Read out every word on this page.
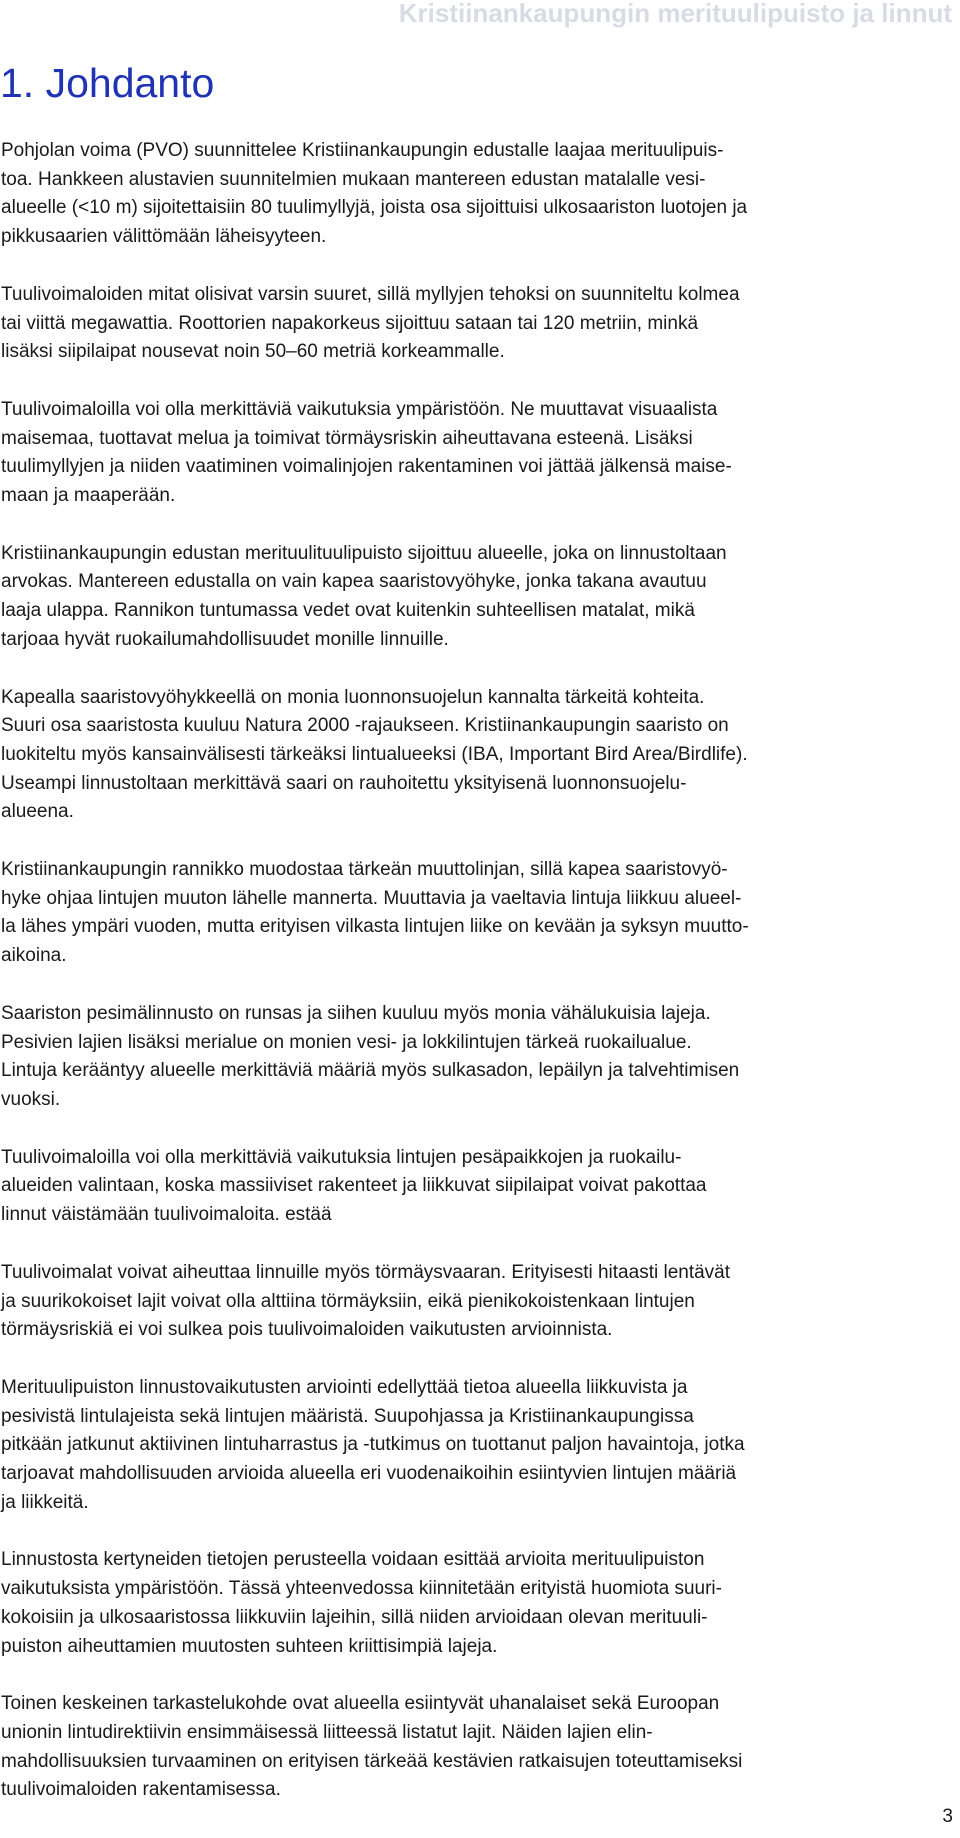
Kristiinankaupungin merituulipuisto ja linnut
1. Johdanto

Pohjolan voima (PVO) suunnittelee Kristiinankaupungin edustalle laajaa merituulipuis-
toa. Hankkeen alustavien suunnitelmien mukaan mantereen edustan matalalle vesi-
alueelle (<10 m) sijoitettaisiin 80 tuulimyllyjä, joista osa sijoittuisi ulkosaariston luotojen ja
pikkusaarien välittömään läheisyyteen.

Tuulivoimaloiden mitat olisivat varsin suuret, sillä myllyjen tehoksi on suunniteltu kolmea
tai viittä megawattia. Roottorien napakorkeus sijoittuu sataan tai 120 metriin, minkä
lisäksi siipilaipat nousevat noin 50–60 metriä korkeammalle.

Tuulivoimaloilla voi olla merkittäviä vaikutuksia ympäristöön. Ne muuttavat visuaalista
maisemaa, tuottavat melua ja toimivat törmäysriskin aiheuttavana esteenä. Lisäksi
tuulimyllyjen ja niiden vaatiminen voimalinjojen rakentaminen voi jättää jälkensä maise-
maan ja maaperään.

Kristiinankaupungin edustan merituulituulipuisto sijoittuu alueelle, joka on linnustoltaan
arvokas. Mantereen edustalla on vain kapea saaristovyöhyke, jonka takana avautuu
laaja ulappa. Rannikon tuntumassa vedet ovat kuitenkin suhteellisen matalat, mikä
tarjoaa hyvät ruokailumahdollisuudet monille linnuille.

Kapealla saaristovyöhykkeellä on monia luonnonsuojelun kannalta tärkeitä kohteita.
Suuri osa saaristosta kuuluu Natura 2000 -rajaukseen. Kristiinankaupungin saaristo on
luokiteltu myös kansainvälisesti tärkeäksi lintualueeksi (IBA, Important Bird Area/Birdlife).
Useampi linnustoltaan merkittävä saari on rauhoitettu yksityisenä luonnonsuojelu-
alueena.

Kristiinankaupungin rannikko muodostaa tärkeän muuttolinjan, sillä kapea saaristovyö-
hyke ohjaa lintujen muuton lähelle mannerta. Muuttavia ja vaeltavia lintuja liikkuu alueel-
la lähes ympäri vuoden, mutta erityisen vilkasta lintujen liike on kevään ja syksyn muutto-
aikoina.

Saariston pesimälinnusto on runsas ja siihen kuuluu myös monia vähälukuisia lajeja.
Pesivien lajien lisäksi merialue on monien vesi- ja lokkilintujen tärkeä ruokailualue.
Lintuja kerääntyy alueelle merkittäviä määriä myös sulkasadon, lepäilyn ja talvehtimisen
vuoksi.

Tuulivoimaloilla voi olla merkittäviä vaikutuksia lintujen pesäpaikkojen ja ruokailu-
alueiden valintaan, koska massiiviset rakenteet ja liikkuvat siipilaipat voivat pakottaa
linnut väistämään tuulivoimaloita. estää

Tuulivoimalat voivat aiheuttaa linnuille myös törmäysvaaran. Erityisesti hitaasti lentävät
ja suurikokoiset lajit voivat olla alttiina törmäyksiin, eikä pienikokoistenkaan lintujen
törmäysriskiä ei voi sulkea pois tuulivoimaloiden vaikutusten arvioinnista.

Merituulipuiston linnustovaikutusten arviointi edellyttää tietoa alueella liikkuvista ja
pesivistä lintulajeista sekä lintujen määristä. Suupohjassa ja Kristiinankaupungissa
pitkään jatkunut aktiivinen lintuharrastus ja -tutkimus on tuottanut paljon havaintoja, jotka
tarjoavat mahdollisuuden arvioida alueella eri vuodenaikoihin esiintyvien lintujen määriä
ja liikkeitä.

Linnustosta kertyneiden tietojen perusteella voidaan esittää arvioita merituulipuiston
vaikutuksista ympäristöön. Tässä yhteenvedossa kiinnitetään erityistä huomiota suuri-
kokoisiin ja ulkosaaristossa liikkuviin lajeihin, sillä niiden arvioidaan olevan merituuli-
puiston aiheuttamien muutosten suhteen kriittisimpiä lajeja.

Toinen keskeinen tarkastelukohde ovat alueella esiintyvät uhanalaiset sekä Euroopan
unionin lintudirektiivin ensimmäisessä liitteessä listatut lajit. Näiden lajien elin-
mahdollisuuksien turvaaminen on erityisen tärkeää kestävien ratkaisujen toteuttamiseksi
tuulivoimaloiden rakentamisessa.

3
